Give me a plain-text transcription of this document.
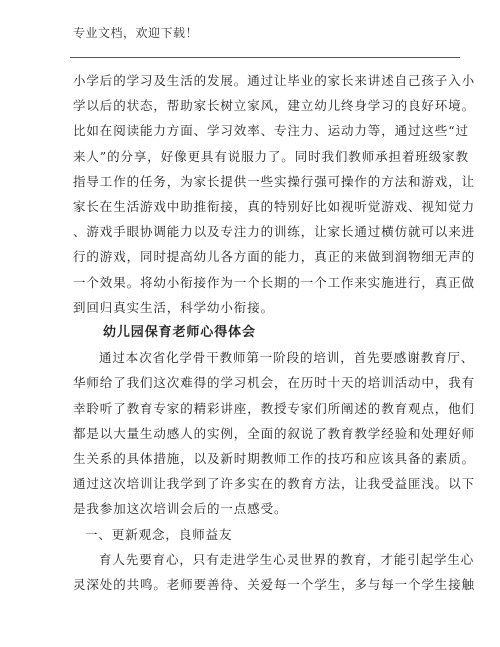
专业文档，欢迎下载！

小学后的学习及生活的发展。通过让毕业的家长来讲述自己孩子入小
学以后的状态，帮助家长树立家风，建立幼儿终身学习的良好环境。
比如在阅读能力方面、学习效率、专注力、运动力等，通过这些“过
来人”的分享，好像更具有说服力了。同时我们教师承担着班级家教
指导工作的任务，为家长提供一些实操行强可操作的方法和游戏，让
家长在生活游戏中助推衔接，真的特别好比如视听觉游戏、视知觉力
、游戏手眼协调能力以及专注力的训练，让家长通过横仿就可以来进
行的游戏，同时提高幼儿各方面的能力，真正的来做到润物细无声的
一个效果。将幼小衔接作为一个长期的一个工作来实施进行，真正做
到回归真实生活，科学幼小衔接。

幼儿园保育老师心得体会

通过本次省化学骨干教师第一阶段的培训，首先要感谢教育厅、
华师给了我们这次难得的学习机会，在历时十天的培训活动中，我有
幸聆听了教育专家的精彩讲座，教授专家们所阐述的教育观点，他们
都是以大量生动感人的实例，全面的叙说了教育教学经验和处理好师
生关系的具体措施，以及新时期教师工作的技巧和应该具备的素质。
通过这次培训让我学到了许多实在的教育方法，让我受益匪浅。以下
是我参加这次培训会后的一点感受。

一、更新观念，良师益友

育人先要育心，只有走进学生心灵世界的教育，才能引起学生心
灵深处的共鸣。老师要善待、关爱每一个学生，多与每一个学生接触
